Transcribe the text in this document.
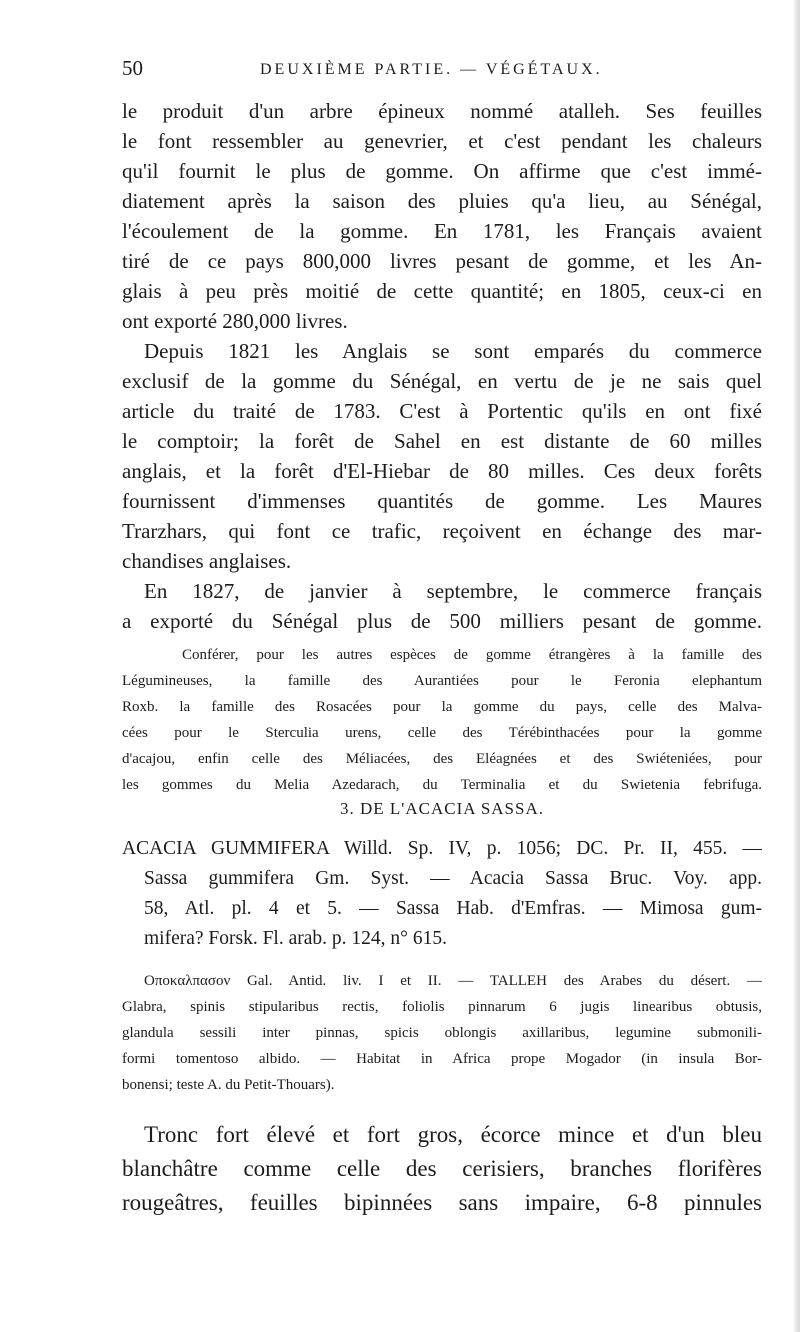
50	DEUXIÈME PARTIE. — VÉGÉTAUX.
le produit d'un arbre épineux nommé atalleh. Ses feuilles
le font ressembler au genevrier, et c'est pendant les chaleurs
qu'il fournit le plus de gomme. On affirme que c'est immé-
diatement après la saison des pluies qu'a lieu, au Sénégal,
l'écoulement de la gomme. En 1781, les Français avaient
tiré de ce pays 800,000 livres pesant de gomme, et les An-
glais à peu près moitié de cette quantité; en 1805, ceux-ci en
ont exporté 280,000 livres.
Depuis 1821 les Anglais se sont emparés du commerce
exclusif de la gomme du Sénégal, en vertu de je ne sais quel
article du traité de 1783. C'est à Portentic qu'ils en ont fixé
le comptoir; la forêt de Sahel en est distante de 60 milles
anglais, et la forêt d'El-Hiebar de 80 milles. Ces deux forêts
fournissent d'immenses quantités de gomme. Les Maures
Trarzhars, qui font ce trafic, reçoivent en échange des mar-
chandises anglaises.
En 1827, de janvier à septembre, le commerce français
a exporté du Sénégal plus de 500 milliers pesant de gomme.
Conférer, pour les autres espèces de gomme étrangères à la famille des
Légumineuses, la famille des Aurantiées pour le Feronia elephantum
Roxb. la famille des Rosacées pour la gomme du pays, celle des Malva-
cées pour le Sterculia urens, celle des Térébinthacées pour la gomme
d'acajou, enfin celle des Méliacées, des Eléagnées et des Swiéteniées, pour
les gommes du Melia Azedarach, du Terminalia et du Swietenia febrifuga.
3. DE L'ACACIA SASSA.
ACACIA GUMMIFERA Willd. Sp. IV, p. 1056; DC. Pr. II, 455. —
Sassa gummifera Gm. Syst. — Acacia Sassa Bruc. Voy. app.
58, Atl. pl. 4 et 5. — Sassa Hab. d'Emfras. — Mimosa gum-
mifera? Forsk. Fl. arab. p. 124, n° 615.
Οποκαλπασον Gal. Antid. liv. I et II. — TALLEH des Arabes du désert. —
Glabra, spinis stipularibus rectis, foliolis pinnarum 6 jugis linearibus obtusis,
glandula sessili inter pinnas, spicis oblongis axillaribus, legumine submonili-
formi tomentoso albido. — Habitat in Africa prope Mogador (in insula Bor-
bonensi; teste A. du Petit-Thouars).
Tronc fort élevé et fort gros, écorce mince et d'un bleu
blanchâtre comme celle des cerisiers, branches florifères
rougeâtres, feuilles bipinnées sans impaire, 6-8 pinnules
